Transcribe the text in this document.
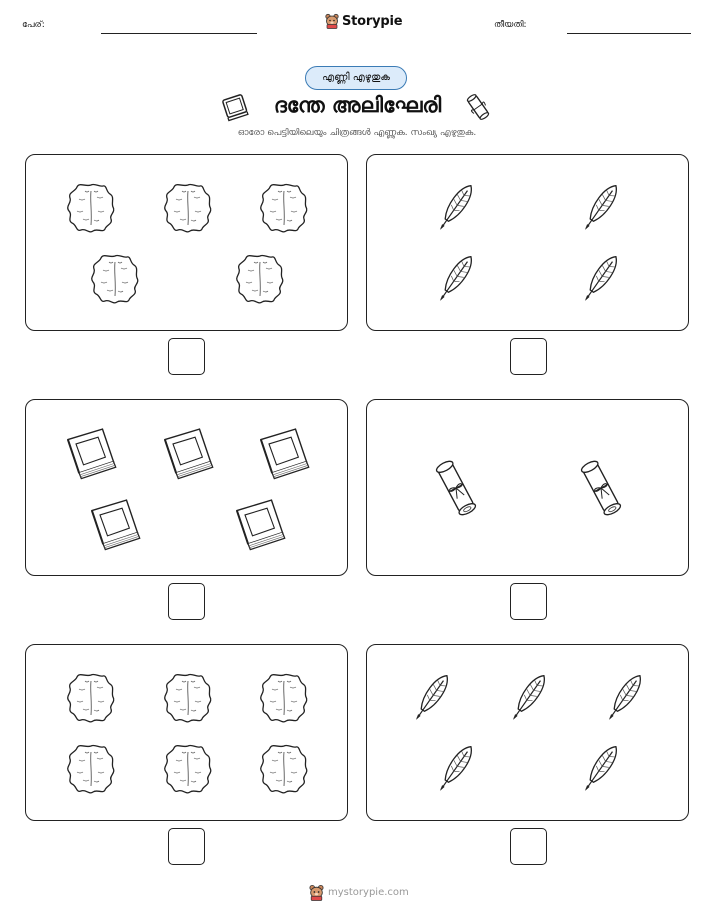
പേര്:	Storypie	തീയതി:
എണ്ണി എഴുതുക
ദന്തേ അലിഘേരി
ഓരോ പെട്ടിയിലെയും ചിത്രങ്ങൾ എണ്ണുക. സംഖ്യ എഴുതുക.
mystorypie.com
